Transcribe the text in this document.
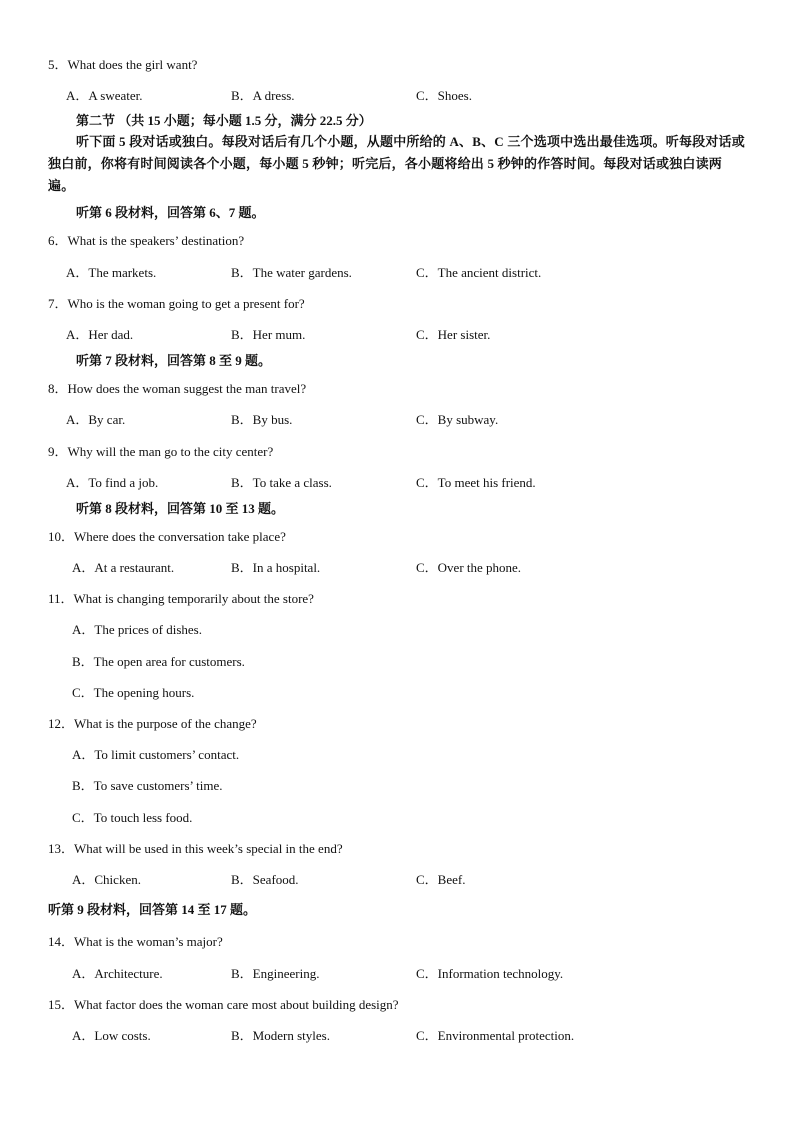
5．What does the girl want?
A．A sweater.	B．A dress.	C．Shoes.
第二节 （共 15 小题；每小题 1.5 分，满分 22.5 分）
听下面 5 段对话或独白。每段对话后有几个小题，从题中所给的 A、B、C 三个选项中选出最佳选项。听每段对话或独白前，你将有时间阅读各个小题，每小题 5 秒钟；听完后，各小题将给出 5 秒钟的作答时间。每段对话或独白读两遍。
听第 6 段材料，回答第 6、7 题。
6．What is the speakers’ destination?
A．The markets.	B．The water gardens.	C．The ancient district.
7．Who is the woman going to get a present for?
A．Her dad.	B．Her mum.	C．Her sister.
听第 7 段材料，回答第 8 至 9 题。
8．How does the woman suggest the man travel?
A．By car.	B．By bus.	C．By subway.
9．Why will the man go to the city center?
A．To find a job.	B．To take a class.	C．To meet his friend.
听第 8 段材料，回答第 10 至 13 题。
10．Where does the conversation take place?
A．At a restaurant.	B．In a hospital.	C．Over the phone.
11．What is changing temporarily about the store?
A．The prices of dishes.
B．The open area for customers.
C．The opening hours.
12．What is the purpose of the change?
A．To limit customers’ contact.
B．To save customers’ time.
C．To touch less food.
13．What will be used in this week’s special in the end?
A．Chicken.	B．Seafood.	C．Beef.
听第 9 段材料，回答第 14 至 17 题。
14．What is the woman’s major?
A．Architecture.	B．Engineering.	C．Information technology.
15．What factor does the woman care most about building design?
A．Low costs.	B．Modern styles.	C．Environmental protection.
